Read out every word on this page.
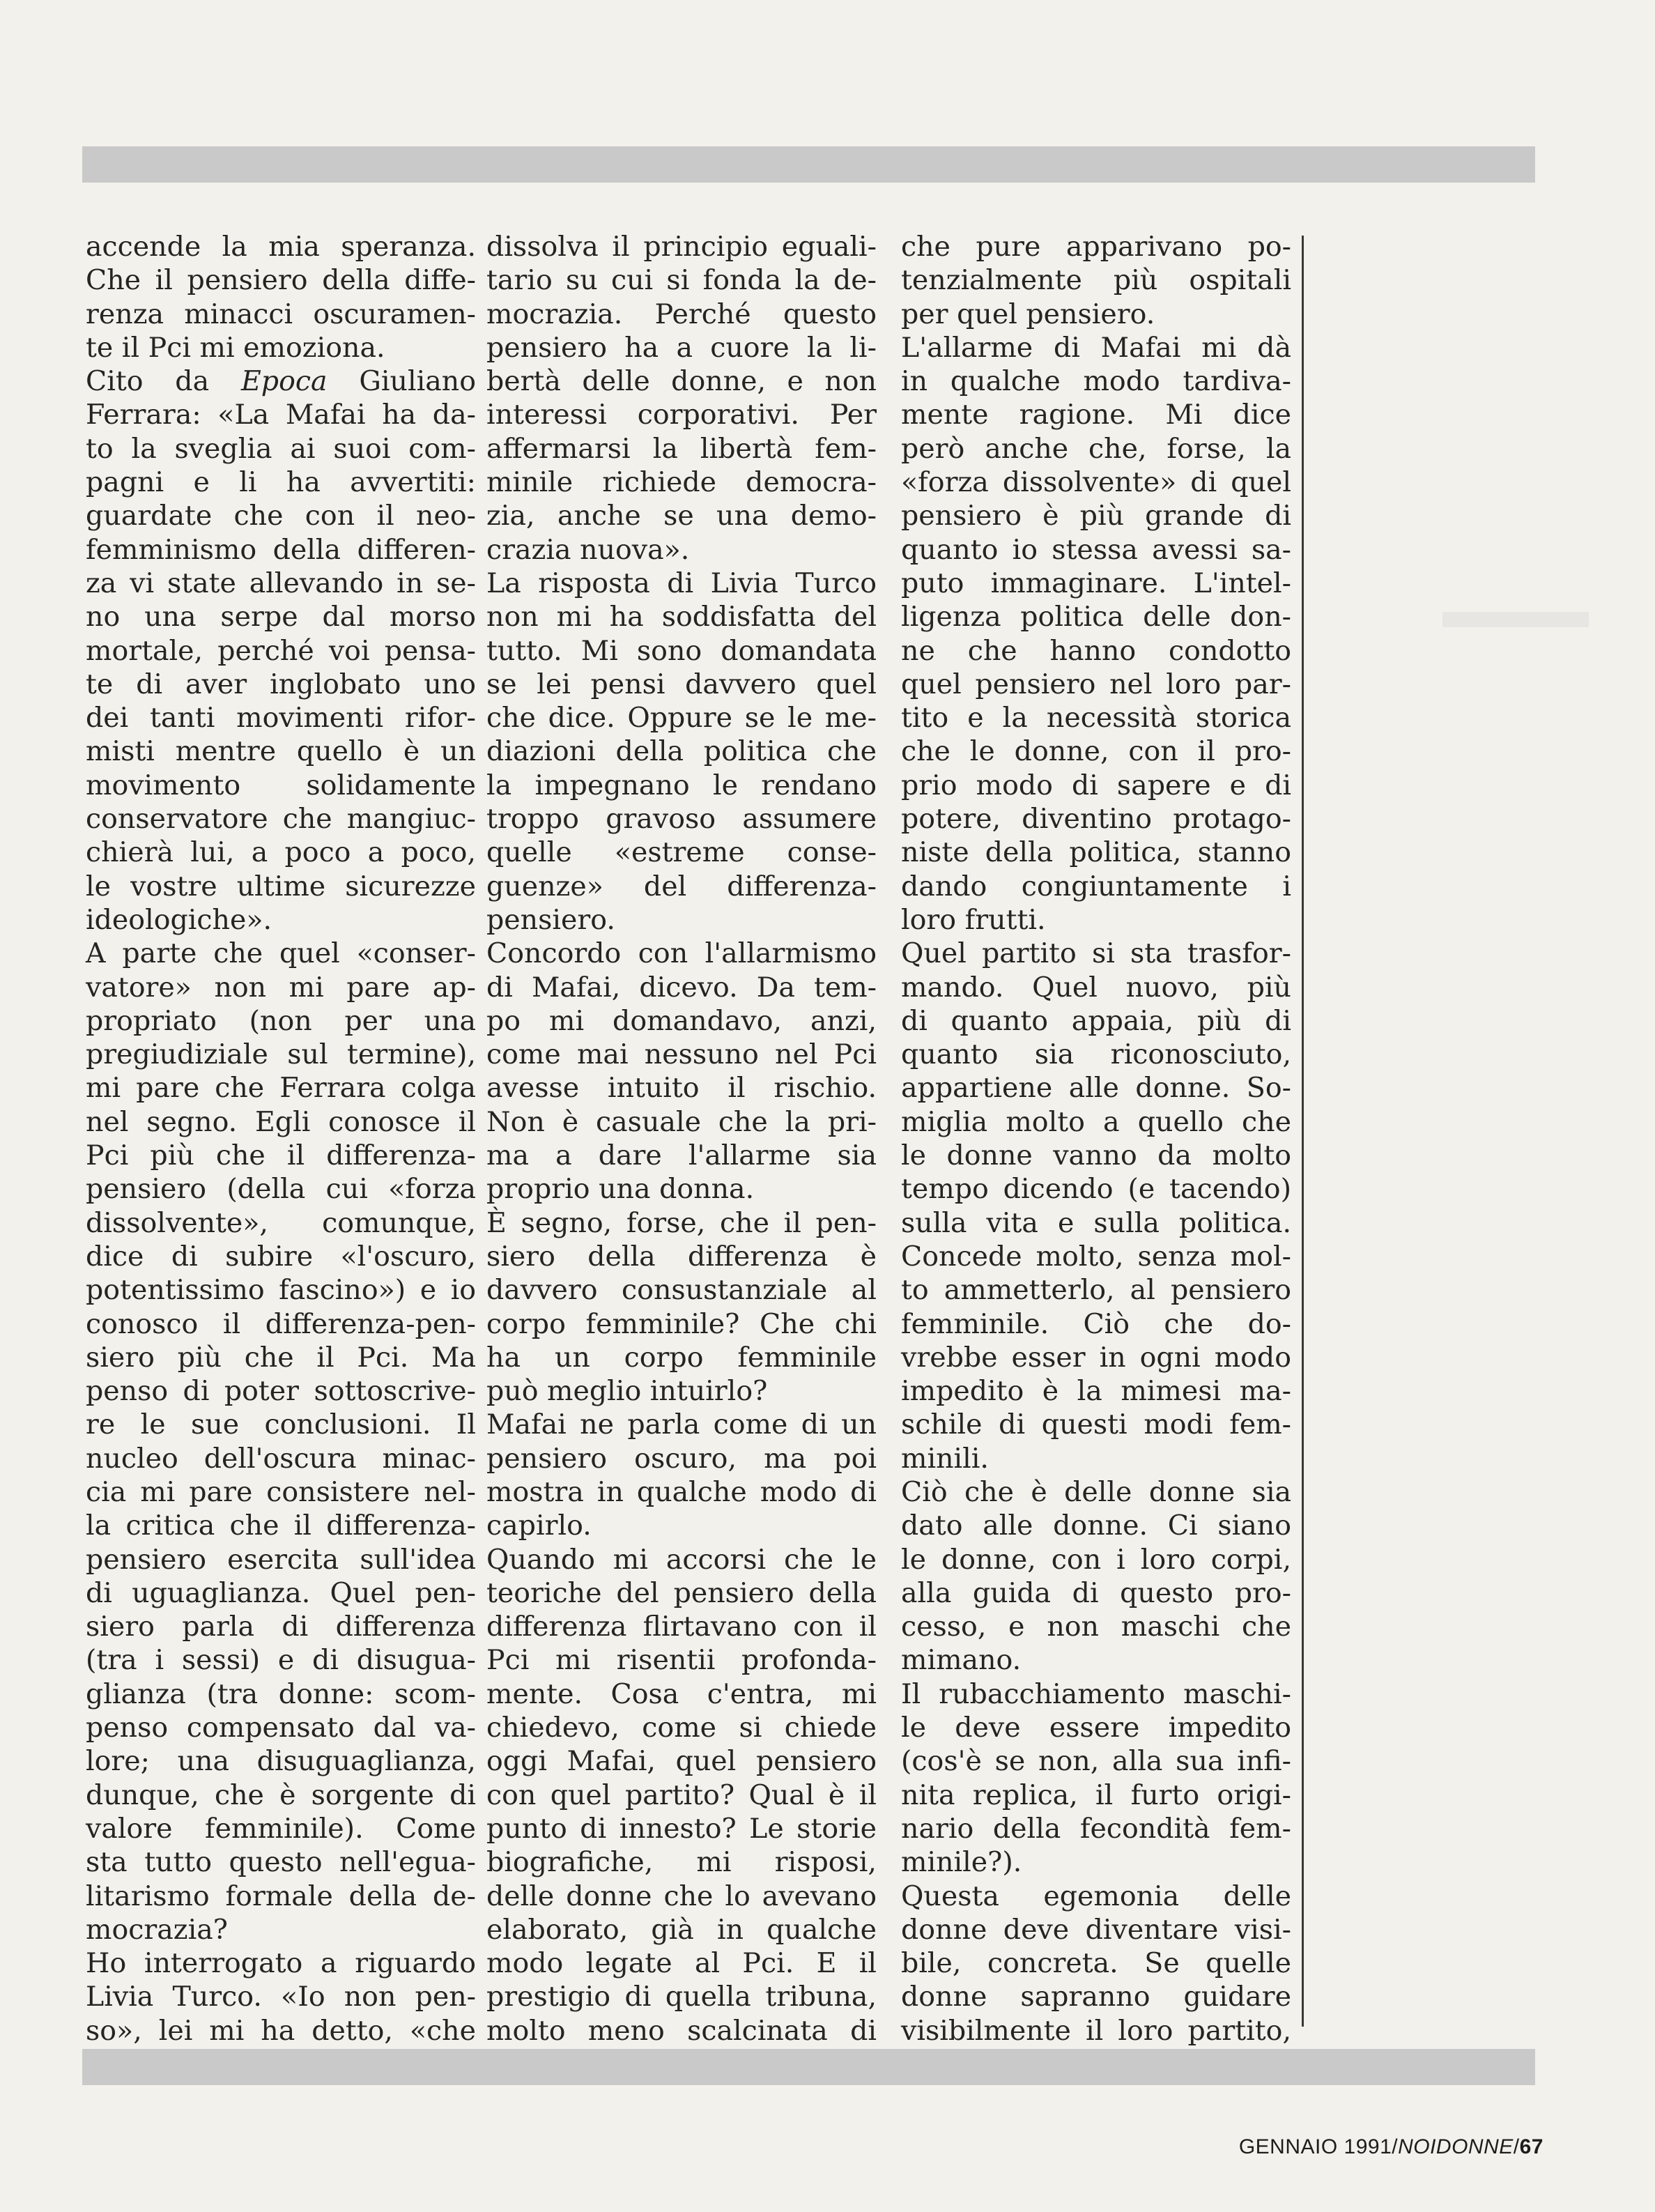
accende la mia speranza.
Che il pensiero della diffe-
renza minacci oscuramen-
te il Pci mi emoziona.
Cito da Epoca Giuliano
Ferrara: «La Mafai ha da-
to la sveglia ai suoi com-
pagni e li ha avvertiti:
guardate che con il neo-
femminismo della differen-
za vi state allevando in se-
no una serpe dal morso
mortale, perché voi pensa-
te di aver inglobato uno
dei tanti movimenti rifor-
misti mentre quello è un
movimento solidamente
conservatore che mangiuc-
chierà lui, a poco a poco,
le vostre ultime sicurezze
ideologiche».
A parte che quel «conser-
vatore» non mi pare ap-
propriato (non per una
pregiudiziale sul termine),
mi pare che Ferrara colga
nel segno. Egli conosce il
Pci più che il differenza-
pensiero (della cui «forza
dissolvente», comunque,
dice di subire «l'oscuro,
potentissimo fascino») e io
conosco il differenza-pen-
siero più che il Pci. Ma
penso di poter sottoscrive-
re le sue conclusioni. Il
nucleo dell'oscura minac-
cia mi pare consistere nel-
la critica che il differenza-
pensiero esercita sull'idea
di uguaglianza. Quel pen-
siero parla di differenza
(tra i sessi) e di disugua-
glianza (tra donne: scom-
penso compensato dal va-
lore; una disuguaglianza,
dunque, che è sorgente di
valore femminile). Come
sta tutto questo nell'egua-
litarismo formale della de-
mocrazia?
Ho interrogato a riguardo
Livia Turco. «Io non pen-
so», lei mi ha detto, «che
dissolva il principio eguali-
tario su cui si fonda la de-
mocrazia. Perché questo
pensiero ha a cuore la li-
bertà delle donne, e non
interessi corporativi. Per
affermarsi la libertà fem-
minile richiede democra-
zia, anche se una demo-
crazia nuova».
La risposta di Livia Turco
non mi ha soddisfatta del
tutto. Mi sono domandata
se lei pensi davvero quel
che dice. Oppure se le me-
diazioni della politica che
la impegnano le rendano
troppo gravoso assumere
quelle «estreme conse-
guenze» del differenza-
pensiero.
Concordo con l'allarmismo
di Mafai, dicevo. Da tem-
po mi domandavo, anzi,
come mai nessuno nel Pci
avesse intuito il rischio.
Non è casuale che la pri-
ma a dare l'allarme sia
proprio una donna.
È segno, forse, che il pen-
siero della differenza è
davvero consustanziale al
corpo femminile? Che chi
ha un corpo femminile
può meglio intuirlo?
Mafai ne parla come di un
pensiero oscuro, ma poi
mostra in qualche modo di
capirlo.
Quando mi accorsi che le
teoriche del pensiero della
differenza flirtavano con il
Pci mi risentii profonda-
mente. Cosa c'entra, mi
chiedevo, come si chiede
oggi Mafai, quel pensiero
con quel partito? Qual è il
punto di innesto? Le storie
biografiche, mi risposi,
delle donne che lo avevano
elaborato, già in qualche
modo legate al Pci. E il
prestigio di quella tribuna,
molto meno scalcinata di
che pure apparivano po-
tenzialmente più ospitali
per quel pensiero.
L'allarme di Mafai mi dà
in qualche modo tardiva-
mente ragione. Mi dice
però anche che, forse, la
«forza dissolvente» di quel
pensiero è più grande di
quanto io stessa avessi sa-
puto immaginare. L'intel-
ligenza politica delle don-
ne che hanno condotto
quel pensiero nel loro par-
tito e la necessità storica
che le donne, con il pro-
prio modo di sapere e di
potere, diventino protago-
niste della politica, stanno
dando congiuntamente i
loro frutti.
Quel partito si sta trasfor-
mando. Quel nuovo, più
di quanto appaia, più di
quanto sia riconosciuto,
appartiene alle donne. So-
miglia molto a quello che
le donne vanno da molto
tempo dicendo (e tacendo)
sulla vita e sulla politica.
Concede molto, senza mol-
to ammetterlo, al pensiero
femminile. Ciò che do-
vrebbe esser in ogni modo
impedito è la mimesi ma-
schile di questi modi fem-
minili.
Ciò che è delle donne sia
dato alle donne. Ci siano
le donne, con i loro corpi,
alla guida di questo pro-
cesso, e non maschi che
mimano.
Il rubacchiamento maschi-
le deve essere impedito
(cos'è se non, alla sua infi-
nita replica, il furto origi-
nario della fecondità fem-
minile?).
Questa egemonia delle
donne deve diventare visi-
bile, concreta. Se quelle
donne sapranno guidare
visibilmente il loro partito,
GENNAIO 1991/NOIDONNE/67
